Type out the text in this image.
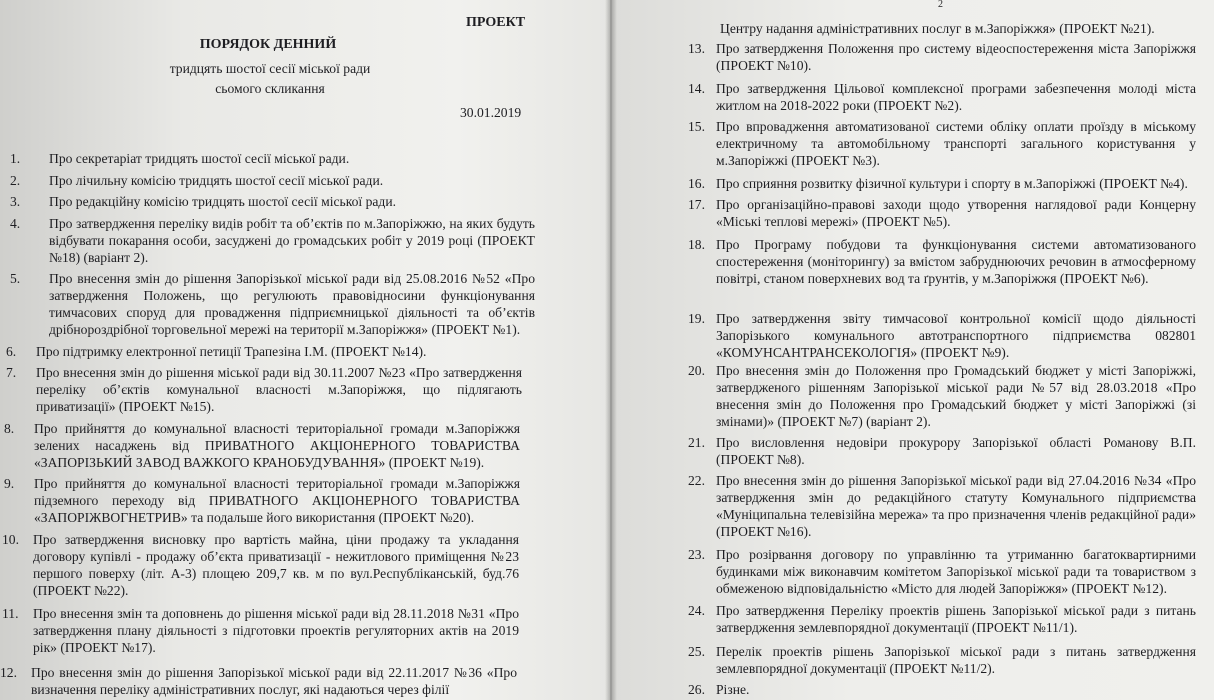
ПРОЕКТ
ПОРЯДОК ДЕННИЙ
тридцять шостої сесії міської ради
сьомого скликання
30.01.2019
1. Про секретаріат тридцять шостої сесії міської ради.
2. Про лічильну комісію тридцять шостої сесії міської ради.
3. Про редакційну комісію тридцять шостої сесії міської ради.
4. Про затвердження переліку видів робіт та об’єктів по м.Запоріжжю, на яких будуть відбувати покарання особи, засуджені до громадських робіт у 2019 році (ПРОЕКТ №18) (варіант 2).
5. Про внесення змін до рішення Запорізької міської ради від 25.08.2016 №52 «Про затвердження Положень, що регулюють правовідносини функціонування тимчасових споруд для провадження підприємницької діяльності та об’єктів дрібнороздрібної торговельної мережі на території м.Запоріжжя» (ПРОЕКТ №1).
6. Про підтримку електронної петиції Трапезіна І.М. (ПРОЕКТ №14).
7. Про внесення змін до рішення міської ради від 30.11.2007 №23 «Про затвердження переліку об’єктів комунальної власності м.Запоріжжя, що підлягають приватизації» (ПРОЕКТ №15).
8. Про прийняття до комунальної власності територіальної громади м.Запоріжжя зелених насаджень від ПРИВАТНОГО АКЦІОНЕРНОГО ТОВАРИСТВА «ЗАПОРІЗЬКИЙ ЗАВОД ВАЖКОГО КРАНОБУДУВАННЯ» (ПРОЕКТ №19).
9. Про прийняття до комунальної власності територіальної громади м.Запоріжжя підземного переходу від ПРИВАТНОГО АКЦІОНЕРНОГО ТОВАРИСТВА «ЗАПОРІЖВОГНЕТРИВ» та подальше його використання (ПРОЕКТ №20).
10. Про затвердження висновку про вартість майна, ціни продажу та укладання договору купівлі - продажу об’єкта приватизації - нежитлового приміщення №23 першого поверху (літ. А-3) площею 209,7 кв. м по вул.Республіканській, буд.76 (ПРОЕКТ №22).
11. Про внесення змін та доповнень до рішення міської ради від 28.11.2018 №31 «Про затвердження плану діяльності з підготовки проектів регуляторних актів на 2019 рік» (ПРОЕКТ №17).
12. Про внесення змін до рішення Запорізької міської ради від 22.11.2017 №36 «Про визначення переліку адміністративних послуг, які надаються через філії
2
Центру надання адміністративних послуг в м.Запоріжжя» (ПРОЕКТ №21).
13. Про затвердження Положення про систему відеоспостереження міста Запоріжжя (ПРОЕКТ №10).
14. Про затвердження Цільової комплексної програми забезпечення молоді міста житлом на 2018-2022 роки (ПРОЕКТ №2).
15. Про впровадження автоматизованої системи обліку оплати проїзду в міському електричному та автомобільному транспорті загального користування у м.Запоріжжі (ПРОЕКТ №3).
16. Про сприяння розвитку фізичної культури і спорту в м.Запоріжжі (ПРОЕКТ №4).
17. Про організаційно-правові заходи щодо утворення наглядової ради Концерну «Міські теплові мережі» (ПРОЕКТ №5).
18. Про Програму побудови та функціонування системи автоматизованого спостереження (моніторингу) за вмістом забруднюючих речовин в атмосферному повітрі, станом поверхневих вод та ґрунтів, у м.Запоріжжя (ПРОЕКТ №6).
19. Про затвердження звіту тимчасової контрольної комісії щодо діяльності Запорізького комунального автотранспортного підприємства 082801 «КОМУНСАНТРАНСЕКОЛОГІЯ» (ПРОЕКТ №9).
20. Про внесення змін до Положення про Громадський бюджет у місті Запоріжжі, затвердженого рішенням Запорізької міської ради №57 від 28.03.2018 «Про внесення змін до Положення про Громадський бюджет у місті Запоріжжі (зі змінами)» (ПРОЕКТ №7) (варіант 2).
21. Про висловлення недовіри прокурору Запорізької області Романову В.П. (ПРОЕКТ №8).
22. Про внесення змін до рішення Запорізької міської ради від 27.04.2016 №34 «Про затвердження змін до редакційного статуту Комунального підприємства «Муніципальна телевізійна мережа» та про призначення членів редакційної ради» (ПРОЕКТ №16).
23. Про розірвання договору по управлінню та утриманню багатоквартирними будинками між виконавчим комітетом Запорізької міської ради та товариством з обмеженою відповідальністю «Місто для людей Запоріжжя» (ПРОЕКТ №12).
24. Про затвердження Переліку проектів рішень Запорізької міської ради з питань затвердження землевпорядної документації (ПРОЕКТ №11/1).
25. Перелік проектів рішень Запорізької міської ради з питань затвердження землевпорядної документації (ПРОЕКТ №11/2).
26. Різне.
